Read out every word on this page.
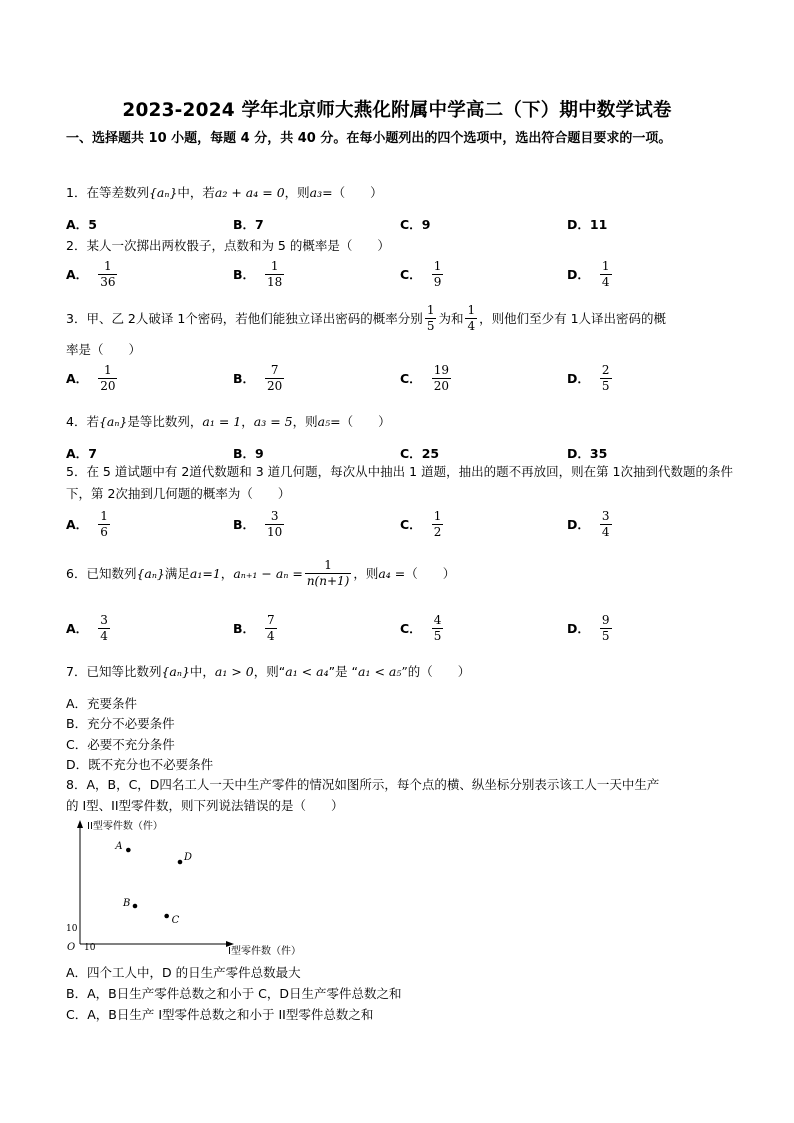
2023-2024 学年北京师大燕化附属中学高二（下）期中数学试卷
一、选择题共 10 小题，每题 4 分，共 40 分。在每小题列出的四个选项中，选出符合题目要求的一项。
1．在等差数列{aₙ}中，若a₂ + a₄ = 0，则a₃=（　　）
A．5	B．7	C．9	D．11
2．某人一次掷出两枚骰子，点数和为 5 的概率是（　　）
A． $\frac{1}{36}$	B． $\frac{1}{18}$	C． $\frac{1}{9}$	D． $\frac{1}{4}$
3．甲、乙 2人破译 1个密码，若他们能独立译出密码的概率分别 $\frac{1}{5}$ 为和 $\frac{1}{4}$ ，则他们至少有 1人译出密码的概
率是（　　）
A． $\frac{1}{20}$	B． $\frac{7}{20}$	C． $\frac{19}{20}$	D． $\frac{2}{5}$
4．若{aₙ}是等比数列，a₁ = 1，a₃ = 5，则a₅=（　　）
A．7	B．9	C．25	D．35
5．在 5 道试题中有 2道代数题和 3 道几何题，每次从中抽出 1 道题，抽出的题不再放回，则在第 1次抽到代数题的条件下，第 2次抽到几何题的概率为（　　）
A． $\frac{1}{6}$	B． $\frac{3}{10}$	C． $\frac{1}{2}$	D． $\frac{3}{4}$
6．已知数列 {aₙ} 满足 a₁=1 ， $a_{n+1} - a_n = \frac{1}{n(n+1)}$ ，则 a₄ = （　　）
A． $\frac{3}{4}$	B． $\frac{7}{4}$	C． $\frac{4}{5}$	D． $\frac{9}{5}$
7．已知等比数列{aₙ}中，a₁ > 0，则“a₁ < a₄”是 “a₁ < a₅”的（　　）
A．充要条件
B．充分不必要条件
C．必要不充分条件
D．既不充分也不必要条件
8．A，B，C，D四名工人一天中生产零件的情况如图所示，每个点的横、纵坐标分别表示该工人一天中生产
的 I型、II型零件数，则下列说法错误的是（　　）
II型零件数（件）
I型零件数（件）
O 10
10
A
B
C
D
A．四个工人中，D 的日生产零件总数最大
B．A，B日生产零件总数之和小于 C，D日生产零件总数之和
C．A，B日生产 I型零件总数之和小于 II型零件总数之和
